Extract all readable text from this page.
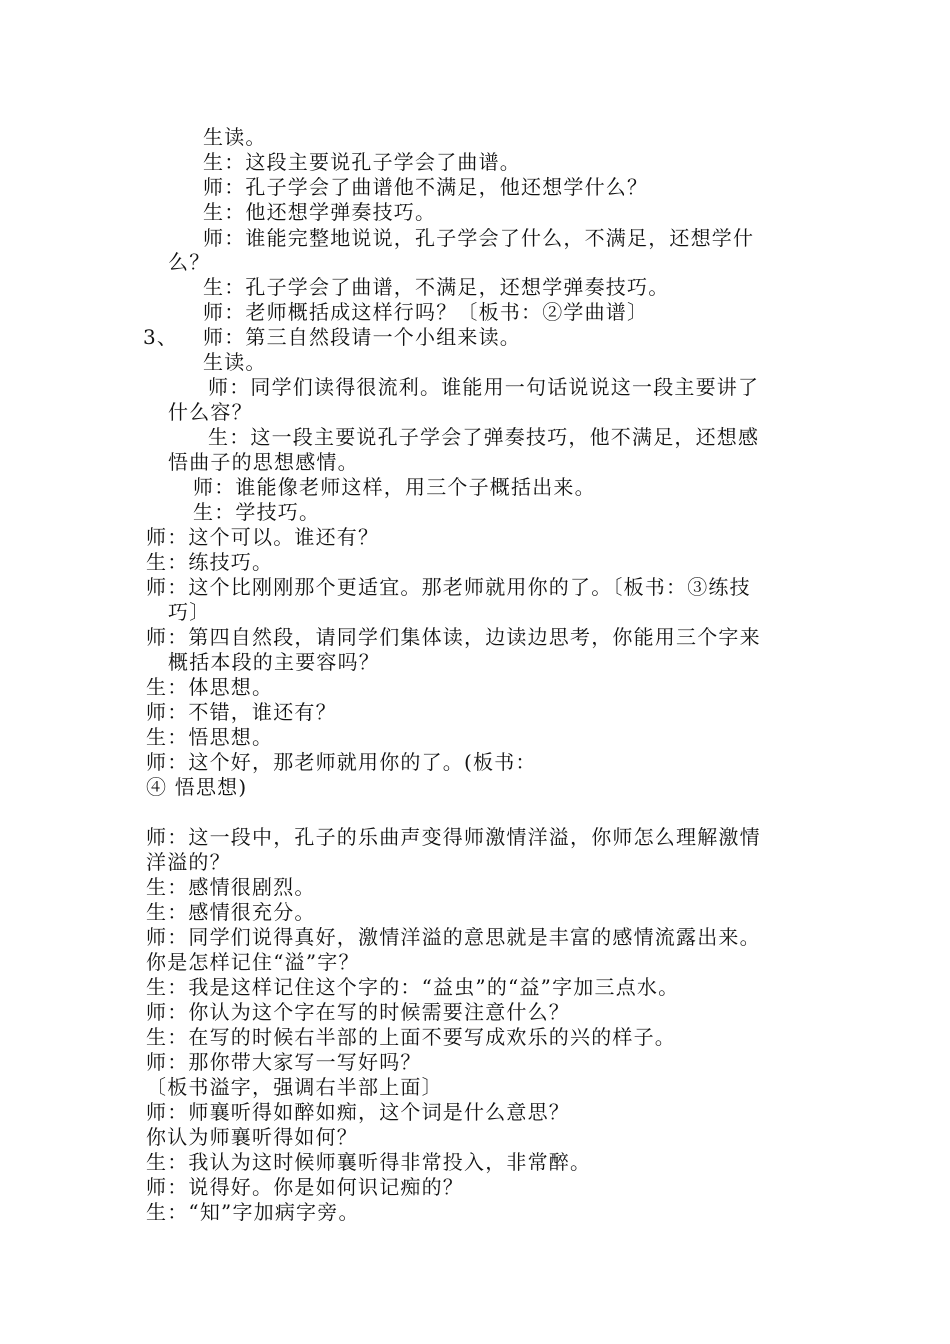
生读。
生：这段主要说孔子学会了曲谱。
师：孔子学会了曲谱他不满足，他还想学什么？
生：他还想学弹奏技巧。
师：谁能完整地说说，孔子学会了什么，不满足，还想学什
么？
生：孔子学会了曲谱，不满足，还想学弹奏技巧。
师：老师概括成这样行吗？〔板书：②学曲谱〕
3、 师：第三自然段请一个小组来读。
生读。
师：同学们读得很流利。谁能用一句话说说这一段主要讲了
什么容？
生：这一段主要说孔子学会了弹奏技巧，他不满足，还想感
悟曲子的思想感情。
师：谁能像老师这样，用三个子概括出来。
生：学技巧。
师：这个可以。谁还有？
生：练技巧。
师：这个比刚刚那个更适宜。那老师就用你的了。〔板书：③练技
巧〕
师：第四自然段，请同学们集体读，边读边思考，你能用三个字来
概括本段的主要容吗？
生：体思想。
师：不错，谁还有？
生：悟思想。
师：这个好，那老师就用你的了。(板书：
④ 悟思想)
师：这一段中，孔子的乐曲声变得师激情洋溢，你师怎么理解激情
洋溢的？
生：感情很剧烈。
生：感情很充分。
师：同学们说得真好，激情洋溢的意思就是丰富的感情流露出来。
你是怎样记住“溢”字？
生：我是这样记住这个字的：“益虫”的“益”字加三点水。
师：你认为这个字在写的时候需要注意什么？
生：在写的时候右半部的上面不要写成欢乐的兴的样子。
师：那你带大家写一写好吗？
〔板书溢字，强调右半部上面〕
师：师襄听得如醉如痴，这个词是什么意思？
你认为师襄听得如何？
生：我认为这时候师襄听得非常投入，非常醉。
师：说得好。你是如何识记痴的？
生：“知”字加病字旁。
